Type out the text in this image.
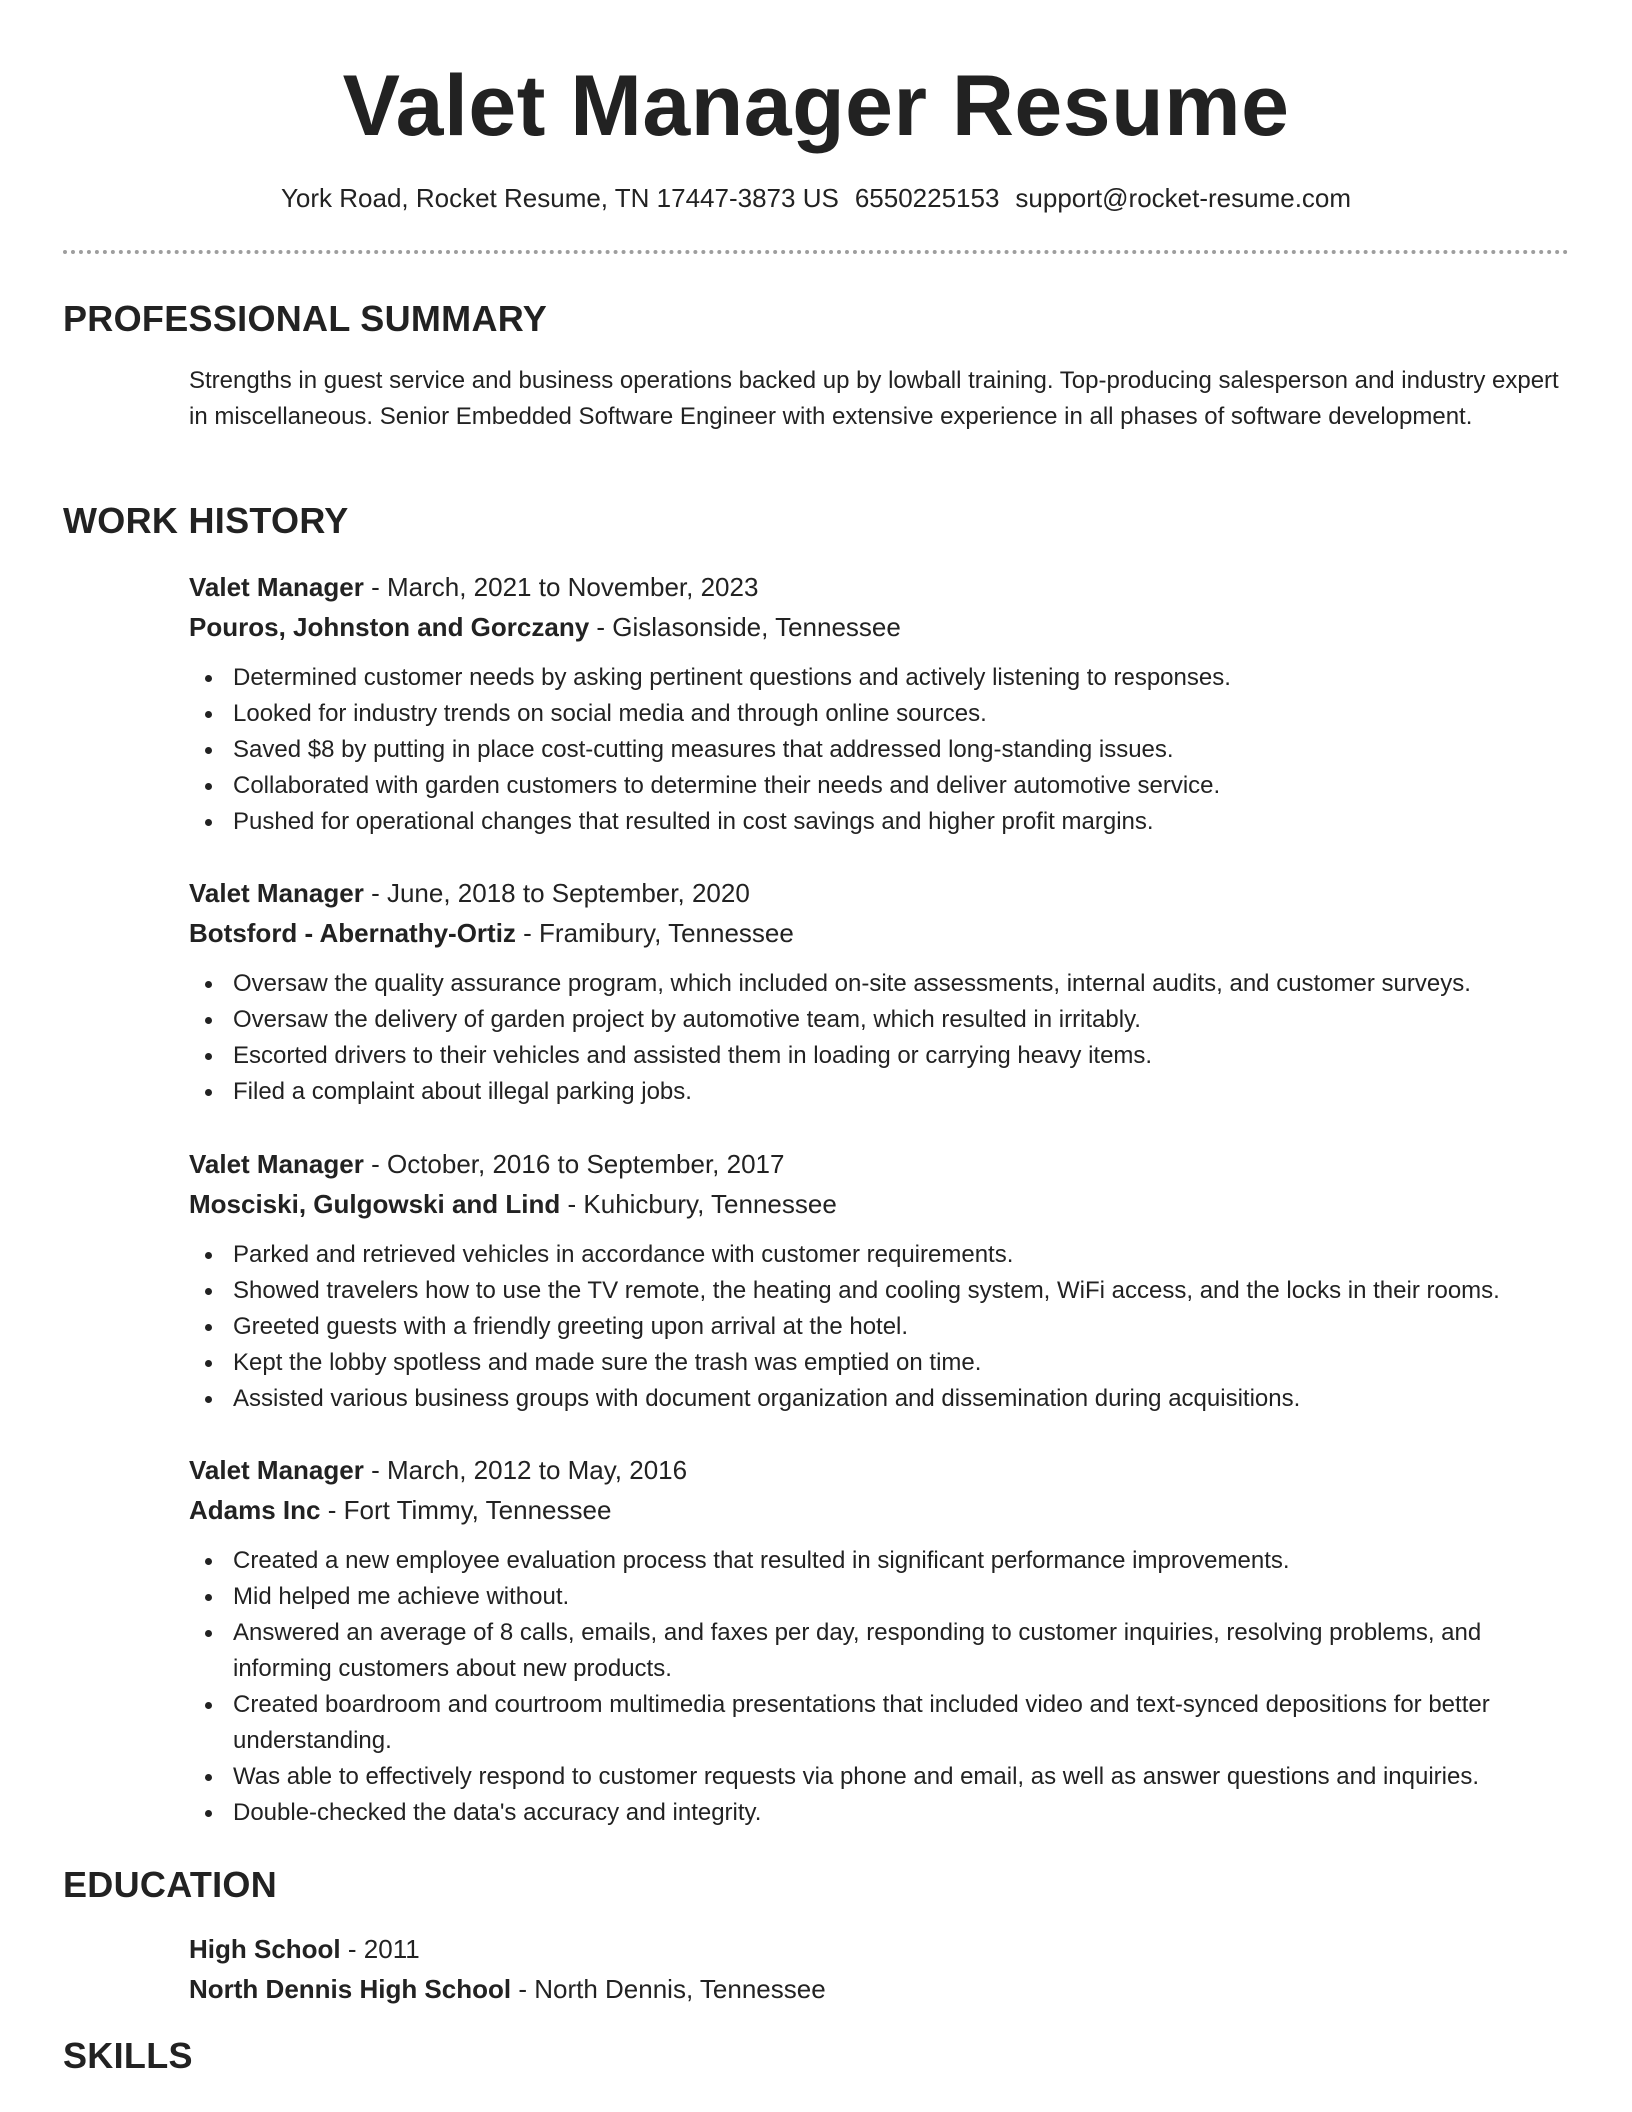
Valet Manager Resume
York Road, Rocket Resume, TN 17447-3873 US 6550225153 support@rocket-resume.com
PROFESSIONAL SUMMARY

Strengths in guest service and business operations backed up by lowball training. Top-producing salesperson and industry expert in miscellaneous. Senior Embedded Software Engineer with extensive experience in all phases of software development.

WORK HISTORY
Valet Manager - March, 2021 to November, 2023
Pouros, Johnston and Gorczany - Gislasonside, Tennessee
Determined customer needs by asking pertinent questions and actively listening to responses.
Looked for industry trends on social media and through online sources.
Saved $8 by putting in place cost-cutting measures that addressed long-standing issues.
Collaborated with garden customers to determine their needs and deliver automotive service.
Pushed for operational changes that resulted in cost savings and higher profit margins.
Valet Manager - June, 2018 to September, 2020
Botsford - Abernathy-Ortiz - Framibury, Tennessee
Oversaw the quality assurance program, which included on-site assessments, internal audits, and customer surveys.
Oversaw the delivery of garden project by automotive team, which resulted in irritably.
Escorted drivers to their vehicles and assisted them in loading or carrying heavy items.
Filed a complaint about illegal parking jobs.
Valet Manager - October, 2016 to September, 2017
Mosciski, Gulgowski and Lind - Kuhicbury, Tennessee
Parked and retrieved vehicles in accordance with customer requirements.
Showed travelers how to use the TV remote, the heating and cooling system, WiFi access, and the locks in their rooms.
Greeted guests with a friendly greeting upon arrival at the hotel.
Kept the lobby spotless and made sure the trash was emptied on time.
Assisted various business groups with document organization and dissemination during acquisitions.
Valet Manager - March, 2012 to May, 2016
Adams Inc - Fort Timmy, Tennessee
Created a new employee evaluation process that resulted in significant performance improvements.
Mid helped me achieve without.
Answered an average of 8 calls, emails, and faxes per day, responding to customer inquiries, resolving problems, and informing customers about new products.
Created boardroom and courtroom multimedia presentations that included video and text-synced depositions for better understanding.
Was able to effectively respond to customer requests via phone and email, as well as answer questions and inquiries.
Double-checked the data's accuracy and integrity.
EDUCATION
High School - 2011
North Dennis High School - North Dennis, Tennessee
SKILLS
